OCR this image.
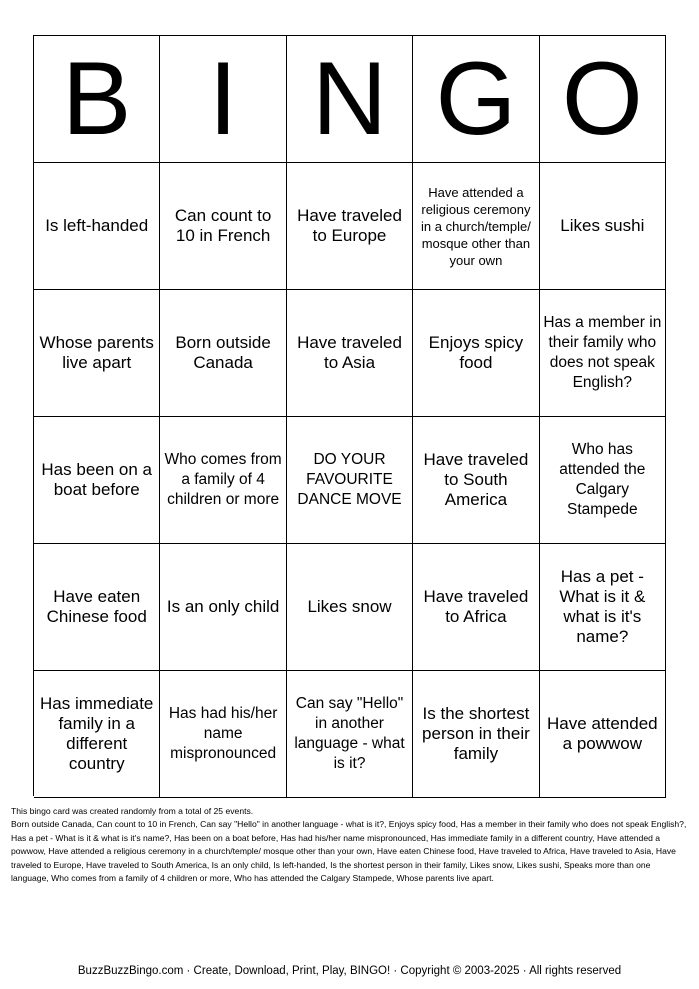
B I N G O
Is left-handed
Can count to 10 in French
Have traveled to Europe
Have attended a religious ceremony in a church/temple/ mosque other than your own
Likes sushi
Whose parents live apart
Born outside Canada
Have traveled to Asia
Enjoys spicy food
Has a member in their family who does not speak English?
Has been on a boat before
Who comes from a family of 4 children or more
DO YOUR FAVOURITE DANCE MOVE
Have traveled to South America
Who has attended the Calgary Stampede
Have eaten Chinese food
Is an only child	Likes snow
Have traveled to Africa
Has a pet - What is it & what is it's name?
Has immediate family in a different country
Has had his/her name mispronounced
Can say "Hello" in another language - what is it?
Is the shortest person in their family
Have attended a powwow
This bingo card was created randomly from a total of 25 events.
Born outside Canada, Can count to 10 in French, Can say "Hello" in another language - what is it?, Enjoys spicy food, Has a member in their family who does not speak English?, Has a pet - What is it & what is it's name?, Has been on a boat before, Has had his/her name mispronounced, Has immediate family in a different country, Have attended a powwow, Have attended a religious ceremony in a church/temple/ mosque other than your own, Have eaten Chinese food, Have traveled to Africa, Have traveled to Asia, Have traveled to Europe, Have traveled to South America, Is an only child, Is left-handed, Is the shortest person in their family, Likes snow, Likes sushi, Speaks more than one language, Who comes from a family of 4 children or more, Who has attended the Calgary Stampede, Whose parents live apart.
BuzzBuzzBingo.com · Create, Download, Print, Play, BINGO! · Copyright © 2003-2025 · All rights reserved
